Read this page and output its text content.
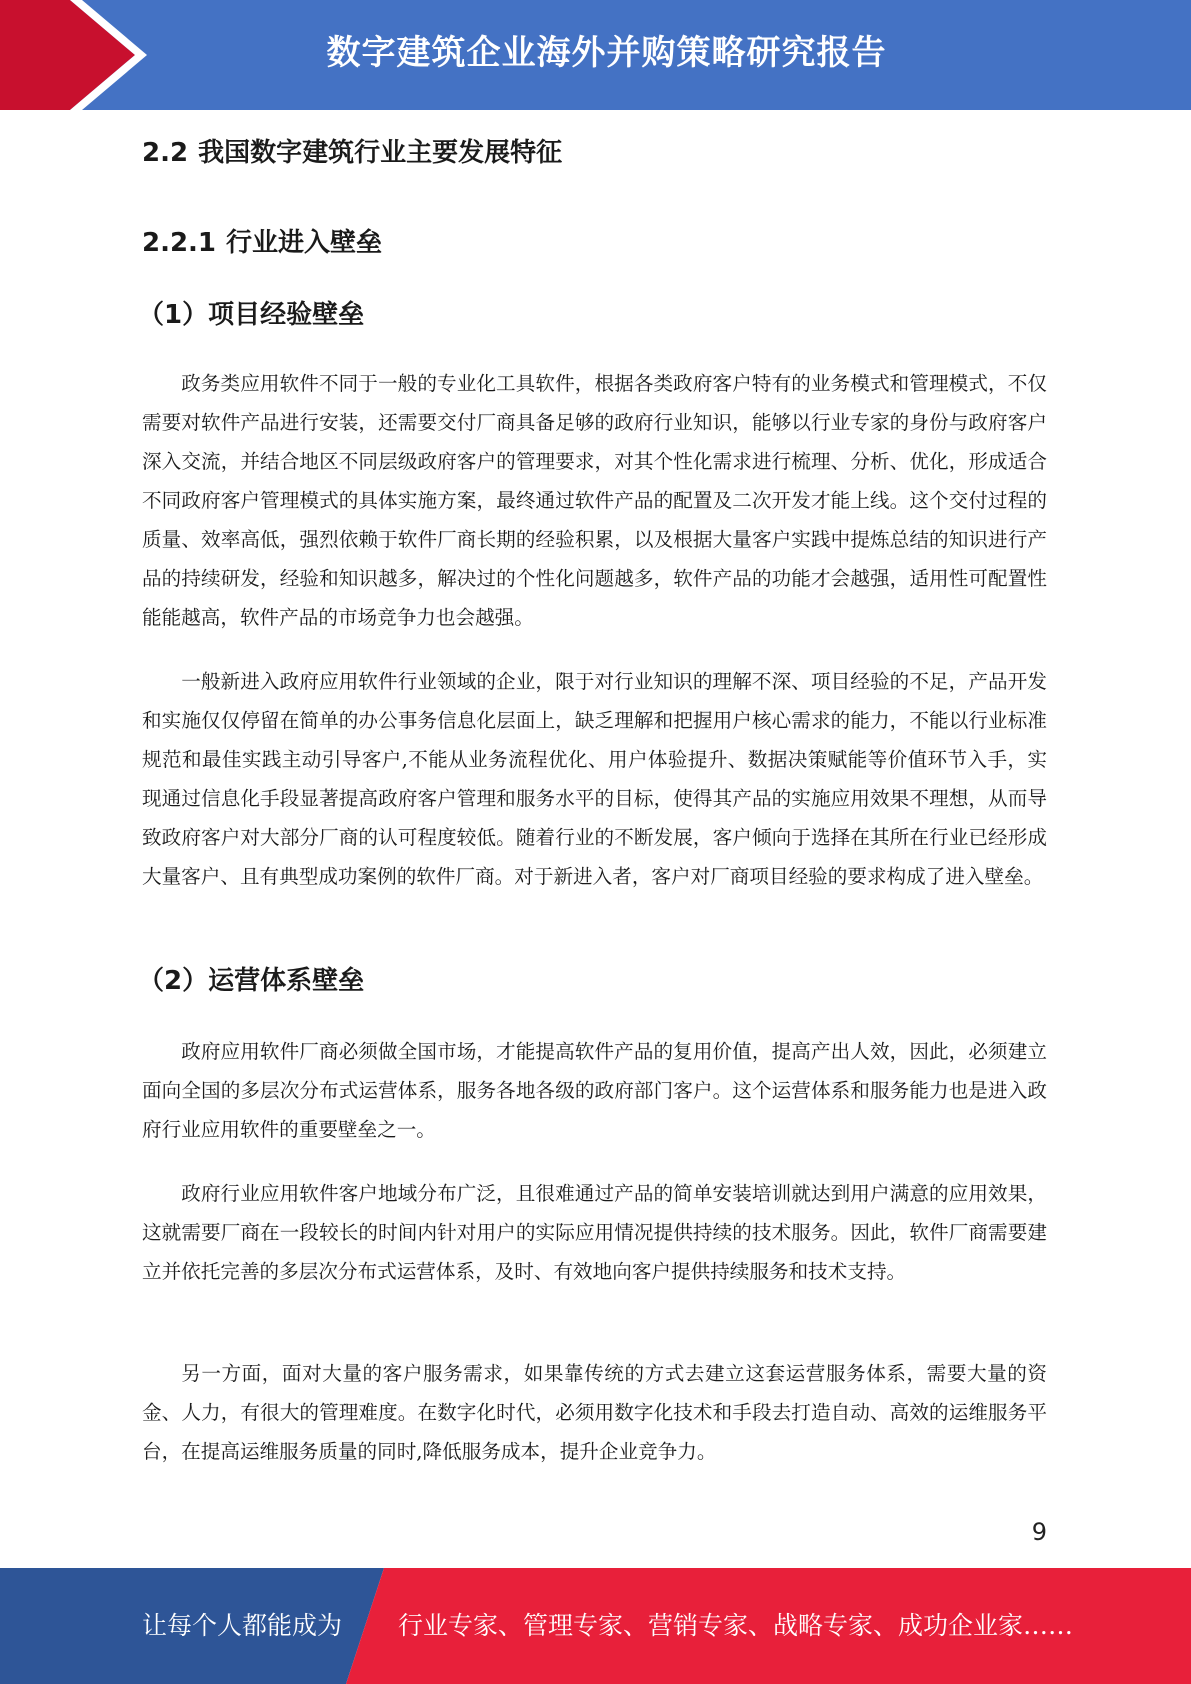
数字建筑企业海外并购策略研究报告
2.2 我国数字建筑行业主要发展特征
2.2.1 行业进入壁垒
（1）项目经验壁垒

政务类应用软件不同于一般的专业化工具软件，根据各类政府客户特有的业务模式和管理模式，不仅需要对软件产品进行安装，还需要交付厂商具备足够的政府行业知识，能够以行业专家的身份与政府客户深入交流，并结合地区不同层级政府客户的管理要求，对其个性化需求进行梳理、分析、优化，形成适合不同政府客户管理模式的具体实施方案，最终通过软件产品的配置及二次开发才能上线。这个交付过程的质量、效率高低，强烈依赖于软件厂商长期的经验积累，以及根据大量客户实践中提炼总结的知识进行产品的持续研发，经验和知识越多，解决过的个性化问题越多，软件产品的功能才会越强，适用性可配置性能能越高，软件产品的市场竞争力也会越强。

一般新进入政府应用软件行业领域的企业，限于对行业知识的理解不深、项目经验的不足，产品开发和实施仅仅停留在简单的办公事务信息化层面上，缺乏理解和把握用户核心需求的能力，不能以行业标准规范和最佳实践主动引导客户,不能从业务流程优化、用户体验提升、数据决策赋能等价值环节入手，实现通过信息化手段显著提高政府客户管理和服务水平的目标，使得其产品的实施应用效果不理想，从而导致政府客户对大部分厂商的认可程度较低。随着行业的不断发展，客户倾向于选择在其所在行业已经形成大量客户、且有典型成功案例的软件厂商。对于新进入者，客户对厂商项目经验的要求构成了进入壁垒。

（2）运营体系壁垒

政府应用软件厂商必须做全国市场，才能提高软件产品的复用价值，提高产出人效，因此，必须建立面向全国的多层次分布式运营体系，服务各地各级的政府部门客户。这个运营体系和服务能力也是进入政府行业应用软件的重要壁垒之一。

政府行业应用软件客户地域分布广泛，且很难通过产品的简单安装培训就达到用户满意的应用效果，这就需要厂商在一段较长的时间内针对用户的实际应用情况提供持续的技术服务。因此，软件厂商需要建立并依托完善的多层次分布式运营体系，及时、有效地向客户提供持续服务和技术支持。

另一方面，面对大量的客户服务需求，如果靠传统的方式去建立这套运营服务体系，需要大量的资金、人力，有很大的管理难度。在数字化时代，必须用数字化技术和手段去打造自动、高效的运维服务平台，在提高运维服务质量的同时,降低服务成本，提升企业竞争力。

9
让每个人都能成为 行业专家、管理专家、营销专家、战略专家、成功企业家……
